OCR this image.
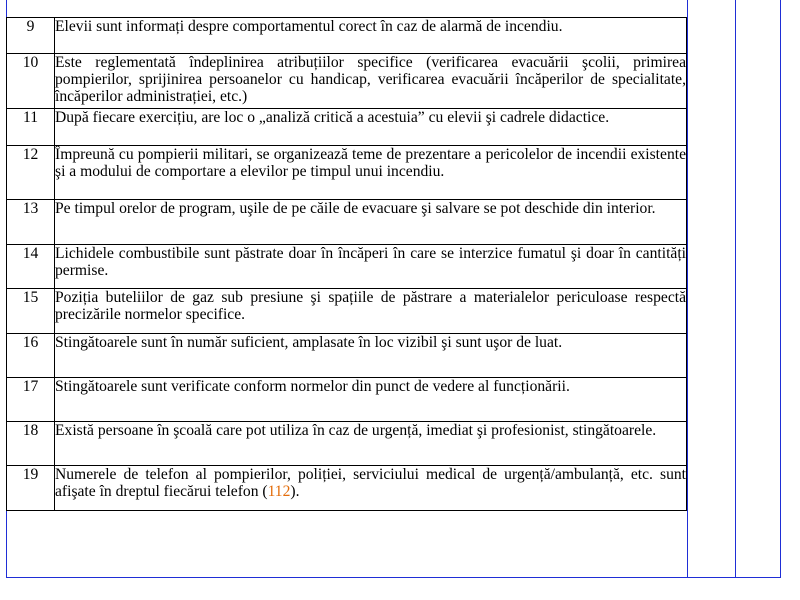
9	Elevii sunt informați despre comportamentul corect în caz de alarmă de incendiu.
10	Este reglementată îndeplinirea atribuțiilor specifice (verificarea evacuării şcolii, primirea pompierilor, sprijinirea persoanelor cu handicap, verificarea evacuării încăperilor de specialitate, încăperilor administrației, etc.)
11	După fiecare exercițiu, are loc o „analiză critică a acestuia” cu elevii şi cadrele didactice.
12	Împreună cu pompierii militari, se organizează teme de prezentare a pericolelor de incendii existente şi a modului de comportare a elevilor pe timpul unui incendiu.
13	Pe timpul orelor de program, uşile de pe căile de evacuare şi salvare se pot deschide din interior.
14	Lichidele combustibile sunt păstrate doar în încăperi în care se interzice fumatul şi doar în cantități permise.
15	Poziția buteliilor de gaz sub presiune şi spațiile de păstrare a materialelor periculoase respectă precizările normelor specifice.
16	Stingătoarele sunt în număr suficient, amplasate în loc vizibil şi sunt uşor de luat.
17	Stingătoarele sunt verificate conform normelor din punct de vedere al funcționării.
18	Există persoane în şcoală care pot utiliza în caz de urgență, imediat şi profesionist, stingătoarele.
19	Numerele de telefon al pompierilor, poliției, serviciului medical de urgență/ambulanță, etc. sunt afişate în dreptul fiecărui telefon (112).
